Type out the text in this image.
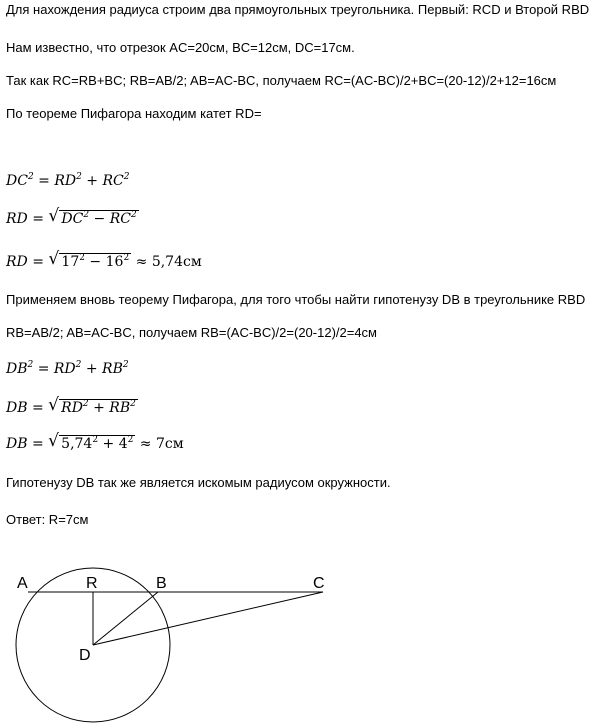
Для нахождения радиуса строим два прямоугольных треугольника. Первый: RCD и Второй RBD
Нам известно, что отрезок AC=20см, BC=12см, DC=17см.
Так как RC=RB+BC; RB=AB/2; AB=AC-BC, получаем RC=(AC-BC)/2+BC=(20-12)/2+12=16см
По теореме Пифагора находим катет RD=
$DC^2 = RD^2 + RC^2$
RD = √ $DC^2 - RC^2$
RD = √ $17^2 - 16^2 \approx 5,74см$
Применяем вновь теорему Пифагора, для того чтобы найти гипотенузу DB в треугольнике RBD
RB=AB/2; AB=AC-BC, получаем RB=(AC-BC)/2=(20-12)/2=4см
$DB^2 = RD^2 + RB^2$
DB = √ $RD^2 + RB^2$
DB = √ $5,74^2 + 4^2 \approx 7см$
Гипотенузу DB так же является искомым радиусом окружности.
Ответ: R=7см
A	R	B	C
D
